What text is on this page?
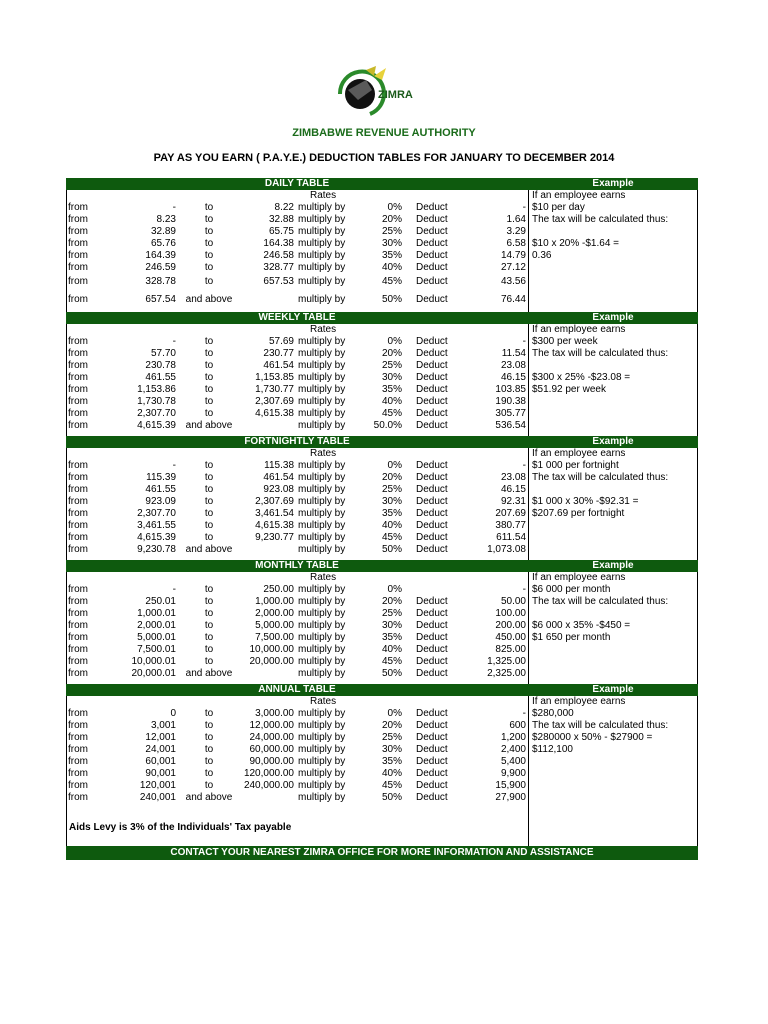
ZIMRA
ZIMBABWE REVENUE AUTHORITY
PAY AS YOU EARN ( P.A.Y.E.) DEDUCTION TABLES FOR JANUARY TO DECEMBER 2014
DAILY TABLE	Example
Rates
from	-	to	8.22 multiply by	0% Deduct	-
from	8.23	to	32.88 multiply by	20% Deduct	1.64
from	32.89	to	65.75 multiply by	25% Deduct	3.29
from	65.76	to	164.38 multiply by	30% Deduct	6.58
from	164.39	to	246.58 multiply by	35% Deduct	14.79
from	246.59	to	328.77 multiply by	40% Deduct	27.12
from	328.78	to	657.53 multiply by	45% Deduct	43.56
from	657.54 and above	multiply by	50% Deduct	76.44
If an employee earns
$10 per day
The tax will be calculated thus:
$10 x 20% -$1.64 =
0.36
WEEKLY TABLE	Example
Rates
from	-	to	57.69 multiply by	0% Deduct	-
from	57.70	to	230.77 multiply by	20% Deduct	11.54
from	230.78	to	461.54 multiply by	25% Deduct	23.08
from	461.55	to	1,153.85 multiply by	30% Deduct	46.15
from	1,153.86	to	1,730.77 multiply by	35% Deduct	103.85
from	1,730.78	to	2,307.69 multiply by	40% Deduct	190.38
from	2,307.70	to	4,615.38 multiply by	45% Deduct	305.77
from	4,615.39 and above	multiply by	50.0% Deduct	536.54
If an employee earns
$300 per week
The tax will be calculated thus:
$300 x 25% -$23.08 =
$51.92 per week
FORTNIGHTLY TABLE	Example
Rates
from	-	to	115.38 multiply by	0% Deduct	-
from	115.39	to	461.54 multiply by	20% Deduct	23.08
from	461.55	to	923.08 multiply by	25% Deduct	46.15
from	923.09	to	2,307.69 multiply by	30% Deduct	92.31
from	2,307.70	to	3,461.54 multiply by	35% Deduct	207.69
from	3,461.55	to	4,615.38 multiply by	40% Deduct	380.77
from	4,615.39	to	9,230.77 multiply by	45% Deduct	611.54
from	9,230.78 and above	multiply by	50% Deduct	1,073.08
If an employee earns
$1 000 per fortnight
The tax will be calculated thus:
$1 000 x 30% -$92.31 =
$207.69 per fortnight
MONTHLY TABLE	Example
Rates
from	-	to	250.00 multiply by	0%	-
from	250.01	to	1,000.00 multiply by	20% Deduct	50.00
from	1,000.01	to	2,000.00 multiply by	25% Deduct	100.00
from	2,000.01	to	5,000.00 multiply by	30% Deduct	200.00
from	5,000.01	to	7,500.00 multiply by	35% Deduct	450.00
from	7,500.01	to	10,000.00 multiply by	40% Deduct	825.00
from	10,000.01	to	20,000.00 multiply by	45% Deduct	1,325.00
from	20,000.01 and above	multiply by	50% Deduct	2,325.00
If an employee earns
$6 000 per month
The tax will be calculated thus:
$6 000 x 35% -$450 =
$1 650 per month
ANNUAL TABLE	Example
Rates
from	0	to	3,000.00 multiply by	0% Deduct	-
from	3,001	to	12,000.00 multiply by	20% Deduct	600
from	12,001	to	24,000.00 multiply by	25% Deduct	1,200
from	24,001	to	60,000.00 multiply by	30% Deduct	2,400
from	60,001	to	90,000.00 multiply by	35% Deduct	5,400
from	90,001	to	120,000.00 multiply by	40% Deduct	9,900
from	120,001	to	240,000.00 multiply by	45% Deduct	15,900
from	240,001 and above	multiply by	50% Deduct	27,900
If an employee earns
$280,000
The tax will be calculated thus:
$280000 x 50% - $27900 =
$112,100
Aids Levy is 3% of the Individuals' Tax payable
CONTACT YOUR NEAREST ZIMRA OFFICE FOR MORE INFORMATION AND ASSISTANCE
